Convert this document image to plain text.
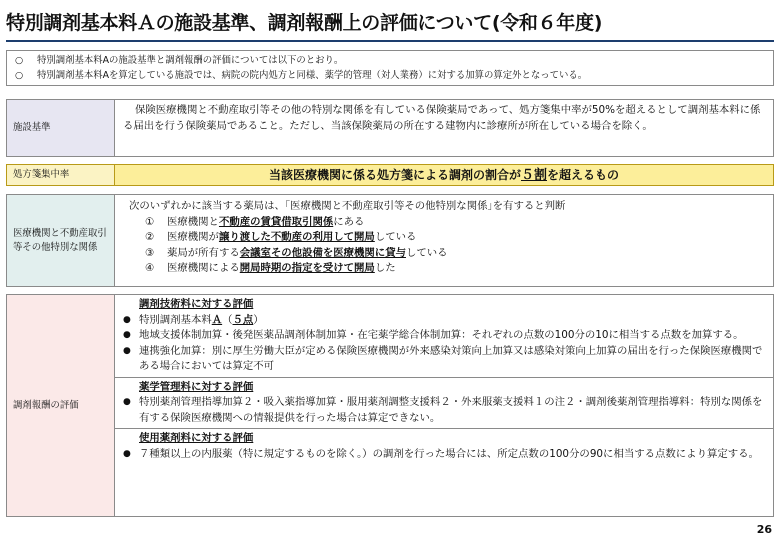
特別調剤基本料Ａの施設基準、調剤報酬上の評価について(令和６年度)
○ 特別調剤基本料Aの施設基準と調剤報酬の評価については以下のとおり。
○ 特別調剤基本料Aを算定している施設では、病院の院内処方と同様、薬学的管理（対人業務）に対する加算の算定外となっている。
施設基準
保険医療機関と不動産取引等その他の特別な関係を有している保険薬局であって、処方箋集中率が50%を超えるとして調剤基本料に係る届出を行う保険薬局であること。ただし、当該保険薬局の所在する建物内に診療所が所在している場合を除く。
処方箋集中率	当該医療機関に係る処方箋による調剤の割合が５割を超えるもの
医療機関と不動産取引等その他特別な関係
次のいずれかに該当する薬局は、｢医療機関と不動産取引等その他特別な関係｣を有すると判断
① 医療機関と不動産の賃貸借取引関係にある
② 医療機関が譲り渡した不動産の利用して開局している
③ 薬局が所有する会議室その他設備を医療機関に貸与している
④ 医療機関による開局時期の指定を受けて開局した
調剤報酬の評価
調剤技術料に対する評価
● 特別調剤基本料Ａ（５点）
● 地域支援体制加算・後発医薬品調剤体制加算・在宅薬学総合体制加算：それぞれの点数の100分の10に相当する点数を加算する。
● 連携強化加算：別に厚生労働大臣が定める保険医療機関が外来感染対策向上加算又は感染対策向上加算の届出を行った保険医療機関である場合においては算定不可
薬学管理料に対する評価
● 特別薬剤管理指導加算２・吸入薬指導加算・服用薬剤調整支援料２・外来服薬支援料１の注２・調剤後薬剤管理指導料：特別な関係を有する保険医療機関への情報提供を行った場合は算定できない。
使用薬剤料に対する評価
● ７種類以上の内服薬（特に規定するものを除く。）の調剤を行った場合には、所定点数の100分の90に相当する点数により算定する。
26
